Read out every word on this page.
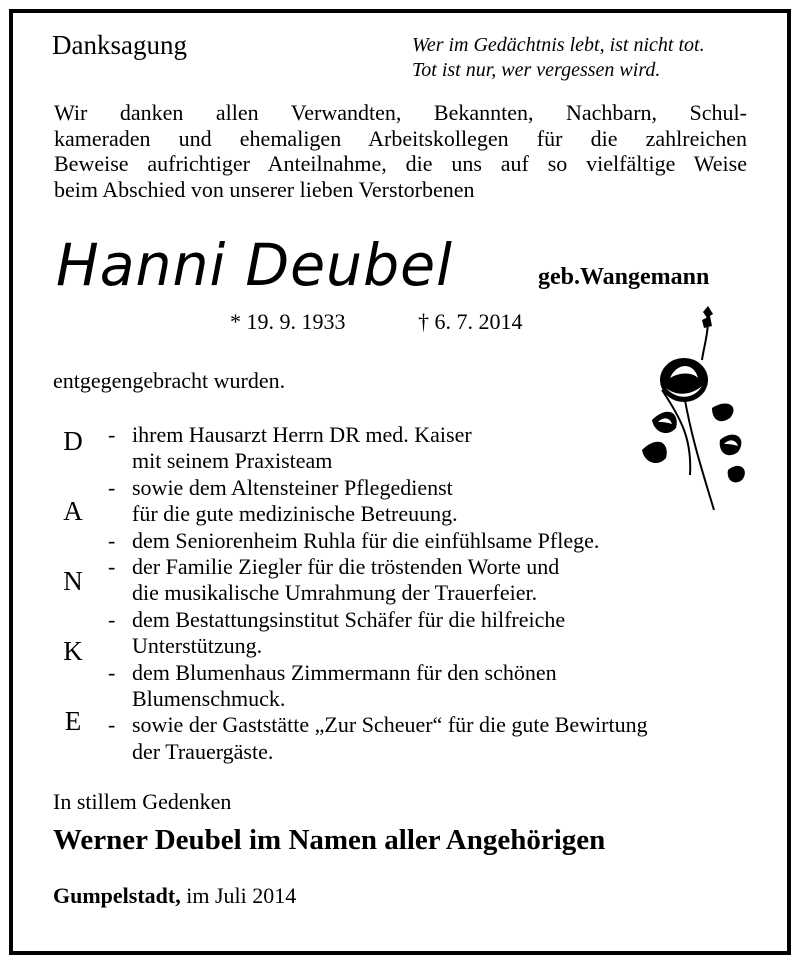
Danksagung	Wer im Gedächtnis lebt, ist nicht tot.
Tot ist nur, wer vergessen wird.
Wir danken allen Verwandten, Bekannten, Nachbarn, Schul-
kameraden und ehemaligen Arbeitskollegen für die zahlreichen
Beweise aufrichtiger Anteilnahme, die uns auf so vielfältige Weise
beim Abschied von unserer lieben Verstorbenen
Hanni Deubel	geb.Wangemann
* 19. 9. 1933	† 6. 7. 2014
entgegengebracht wurden.
D
A
N
K
E
- ihrem Hausarzt Herrn DR med. Kaiser
mit seinem Praxisteam
- sowie dem Altensteiner Pflegedienst
für die gute medizinische Betreuung.
- dem Seniorenheim Ruhla für die einfühlsame Pflege.
- der Familie Ziegler für die tröstenden Worte und
die musikalische Umrahmung der Trauerfeier.
- dem Bestattungsinstitut Schäfer für die hilfreiche
Unterstützung.
- dem Blumenhaus Zimmermann für den schönen
Blumenschmuck.
- sowie der Gaststätte „Zur Scheuer“ für die gute Bewirtung
der Trauergäste.
In stillem Gedenken
Werner Deubel im Namen aller Angehörigen
Gumpelstadt, im Juli 2014
